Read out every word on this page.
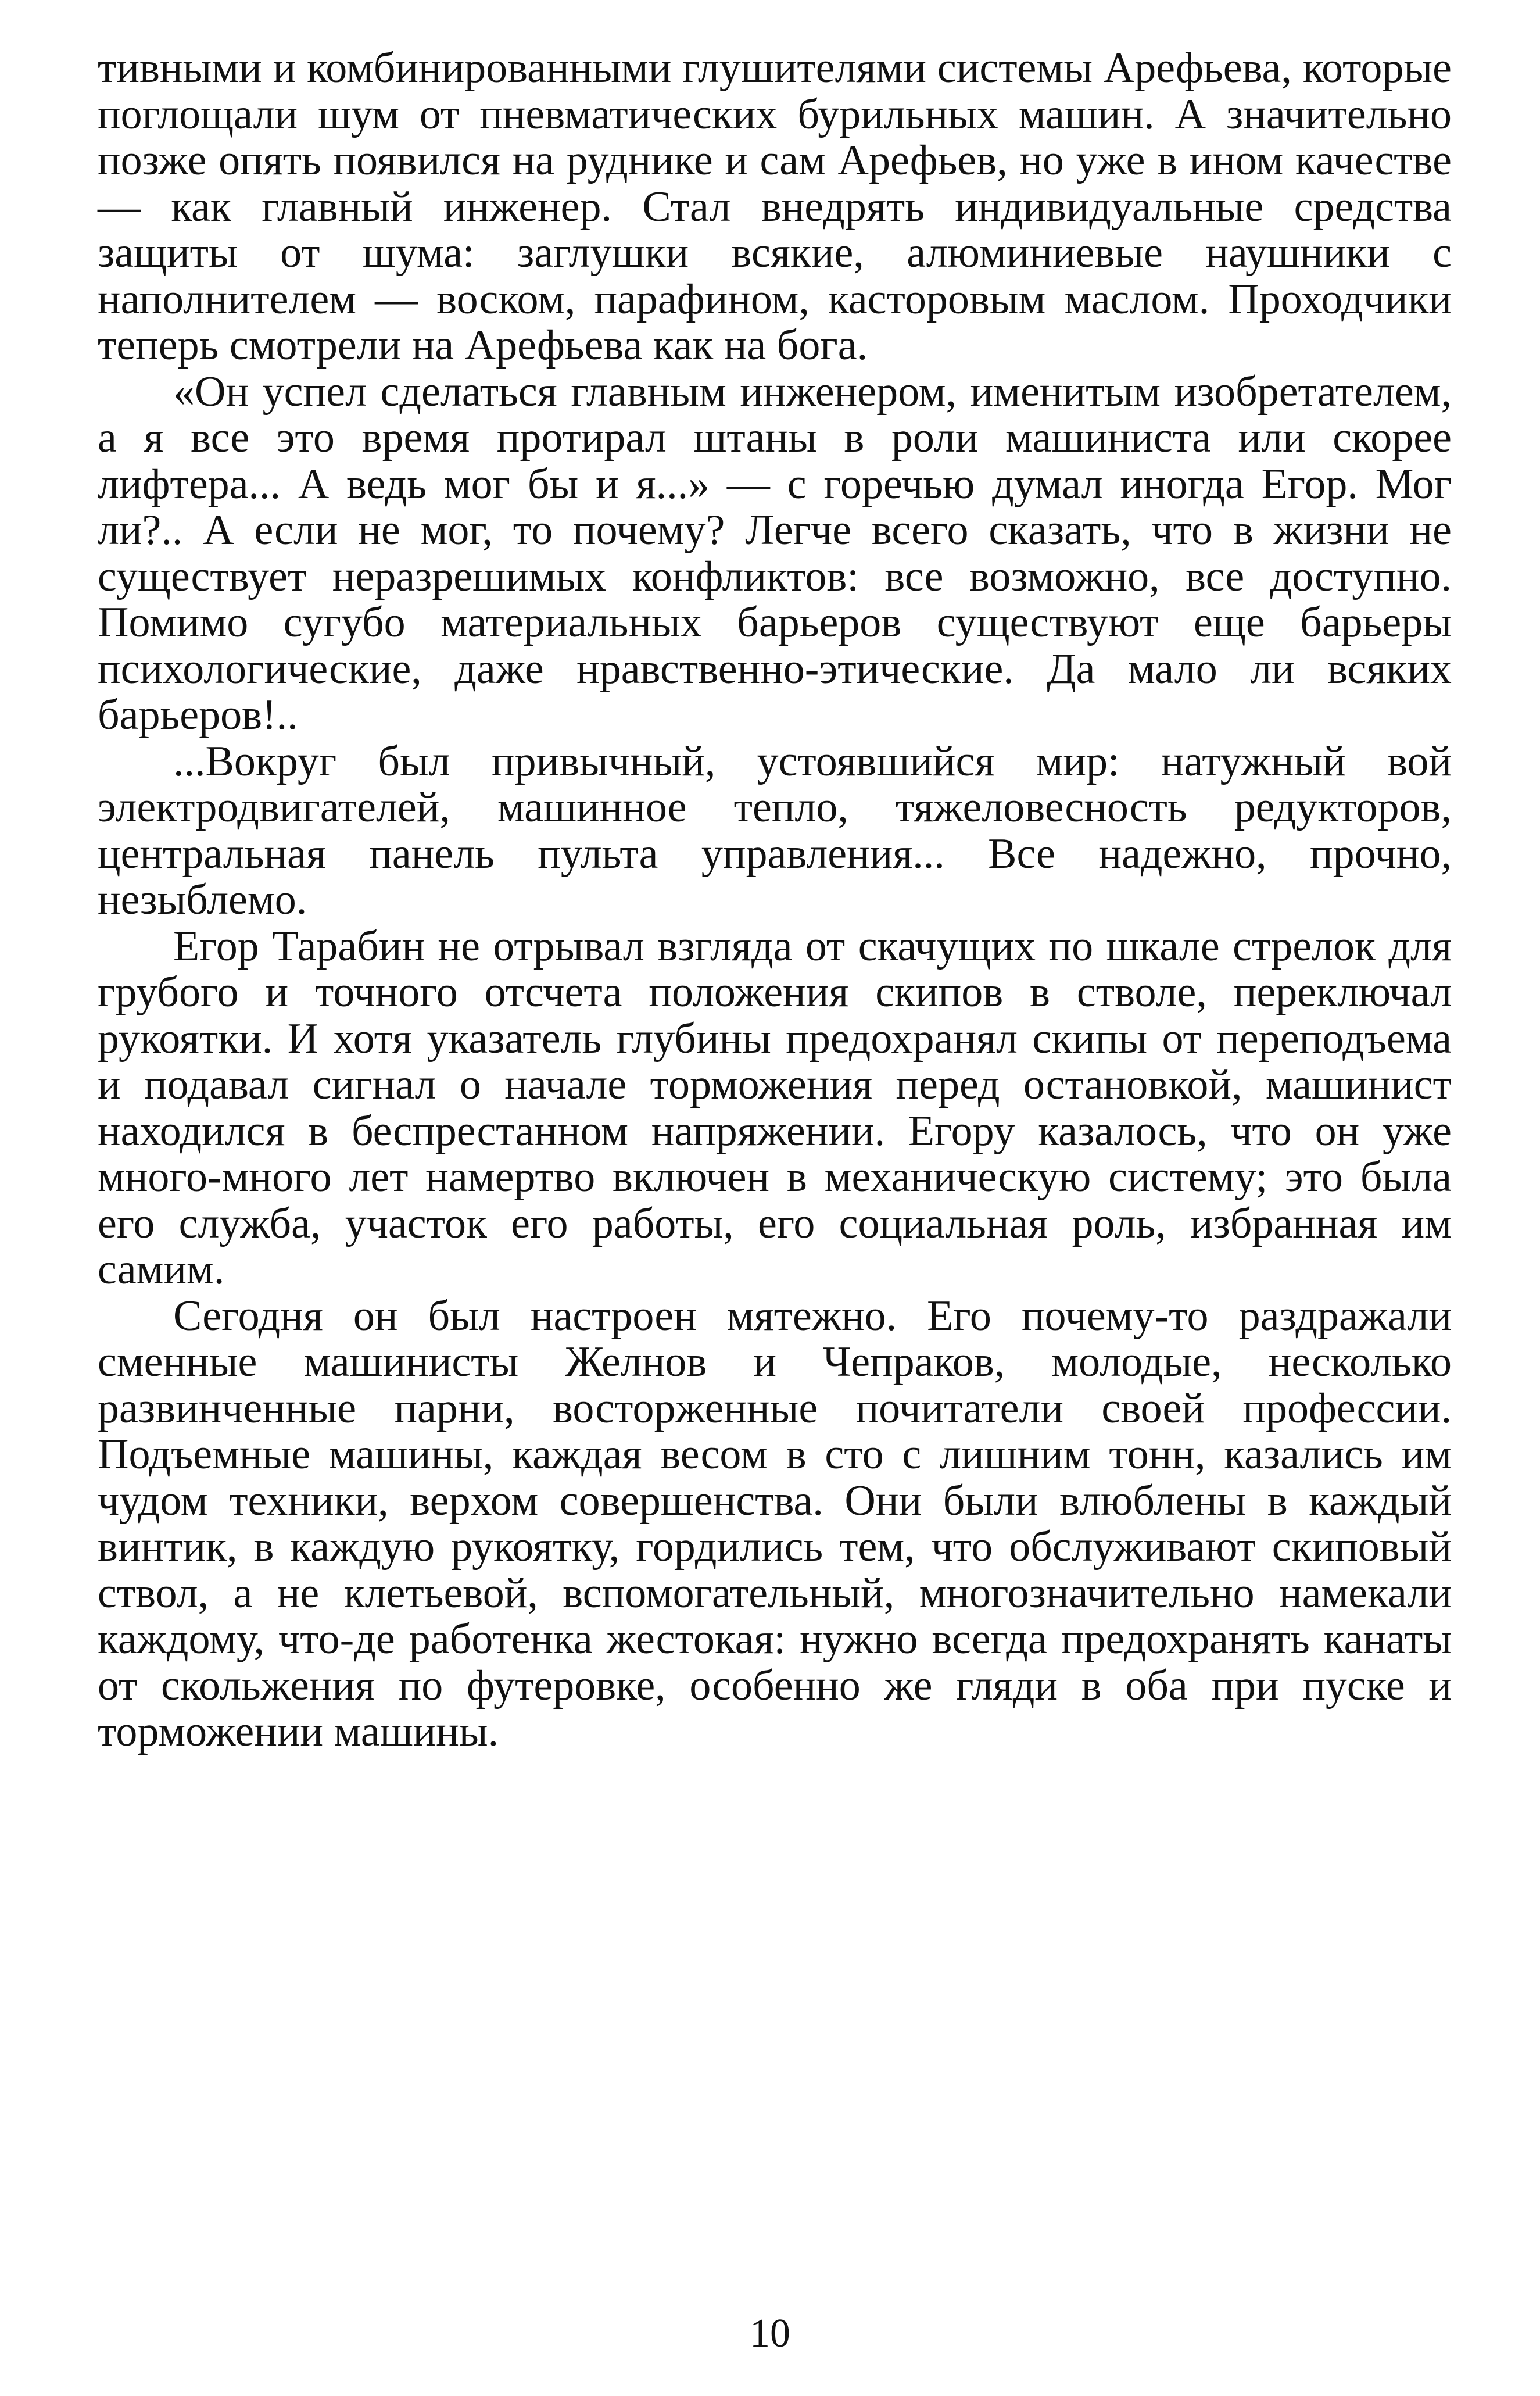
тивными и комбинированными глушителями системы Арефьева, которые поглощали шум от пневматических бурильных машин. А значительно позже опять появился на руднике и сам Арефьев, но уже в ином качестве — как главный инженер. Стал внедрять индивидуальные средства защиты от шума: заглушки всякие, алюминиевые наушники с наполнителем — воском, парафином, касторовым маслом. Проходчики теперь смотрели на Арефьева как на бога.

«Он успел сделаться главным инженером, именитым изобретателем, а я все это время протирал штаны в роли машиниста или скорее лифтера... А ведь мог бы и я...» — с горечью думал иногда Егор. Мог ли?.. А если не мог, то почему? Легче всего сказать, что в жизни не существует неразрешимых конфликтов: все возможно, все доступно. Помимо сугубо материальных барьеров существуют еще барьеры психологические, даже нравственно-этические. Да мало ли всяких барьеров!..

...Вокруг был привычный, устоявшийся мир: натужный вой электродвигателей, машинное тепло, тяжеловесность редукторов, центральная панель пульта управления... Все надежно, прочно, незыблемо.

Егор Тарабин не отрывал взгляда от скачущих по шкале стрелок для грубого и точного отсчета положения скипов в стволе, переключал рукоятки. И хотя указатель глубины предохранял скипы от переподъема и подавал сигнал о начале торможения перед остановкой, машинист находился в беспрестанном напряжении. Егору казалось, что он уже много-много лет намертво включен в механическую систему; это была его служба, участок его работы, его социальная роль, избранная им самим.

Сегодня он был настроен мятежно. Его почему-то раздражали сменные машинисты Желнов и Чепраков, молодые, несколько развинченные парни, восторженные почитатели своей профессии. Подъемные машины, каждая весом в сто с лишним тонн, казались им чудом техники, верхом совершенства. Они были влюблены в каждый винтик, в каждую рукоятку, гордились тем, что обслуживают скиповый ствол, а не клетьевой, вспомогательный, многозначительно намекали каждому, что-де работенка жестокая: нужно всегда предохранять канаты от скольжения по футеровке, особенно же гляди в оба при пуске и торможении машины.

10
